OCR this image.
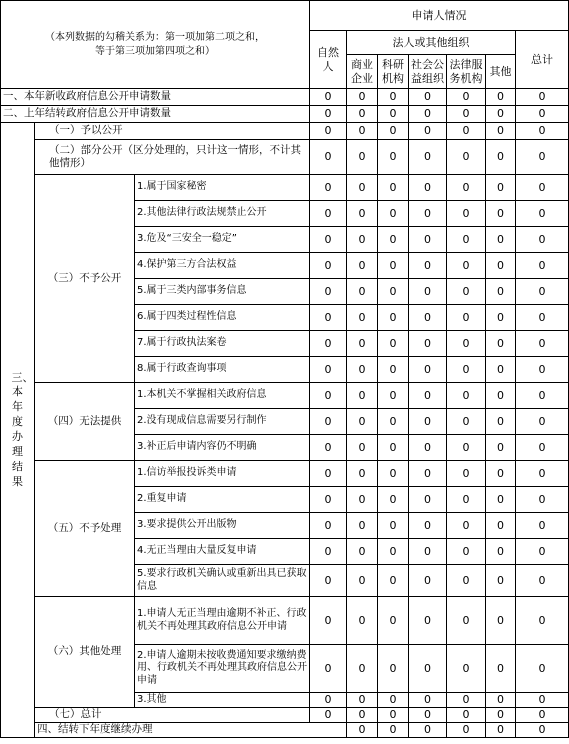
（本列数据的勾稽关系为：第一项加第二项之和，
等于第三项加第四项之和）			申请人情况							

			自然人	法人或其他组织					总计	

				商业企业	科研机构	社会公益组织	法律服务机构	其他		
一、本年新收政府信息公开申请数量			0	0	0	0	0	0	0	
二、上年结转政府信息公开申请数量			0	0	0	0	0	0	0	

三、本年度办理结果	（一）予以公开		0	0	0	0	0	0	0	
	（二）部分公开（区分处理的，只计这一情形，不计其他情形）		0	0	0	0	0	0	0	
	（三）不予公开	1.属于国家秘密	0	0	0	0	0	0	0	
		2.其他法律行政法规禁止公开	0	0	0	0	0	0	0	
		3.危及“三安全一稳定”	0	0	0	0	0	0	0	
		4.保护第三方合法权益	0	0	0	0	0	0	0	
		5.属于三类内部事务信息	0	0	0	0	0	0	0	
		6.属于四类过程性信息	0	0	0	0	0	0	0	
		7.属于行政执法案卷	0	0	0	0	0	0	0	
		8.属于行政查询事项	0	0	0	0	0	0	0	
	（四）无法提供	1.本机关不掌握相关政府信息	0	0	0	0	0	0	0	
		2.没有现成信息需要另行制作	0	0	0	0	0	0	0	
		3.补正后申请内容仍不明确	0	0	0	0	0	0	0	
	（五）不予处理	1.信访举报投诉类申请	0	0	0	0	0	0	0	
		2.重复申请	0	0	0	0	0	0	0	
		3.要求提供公开出版物	0	0	0	0	0	0	0	
		4.无正当理由大量反复申请	0	0	0	0	0	0	0	
		5.要求行政机关确认或重新出具已获取信息	0	0	0	0	0	0	0	
	（六）其他处理	1.申请人无正当理由逾期不补正、行政机关不再处理其政府信息公开申请	0	0	0	0	0	0	0	
		2.申请人逾期未按收费通知要求缴纳费用、行政机关不再处理其政府信息公开申请	0	0	0	0	0	0	0	
		3.其他	0	0	0	0	0	0	0	
	（七）总计		0	0	0	0	0	0	0	
	四、结转下年度继续办理			0	0	0	0	0	0	
